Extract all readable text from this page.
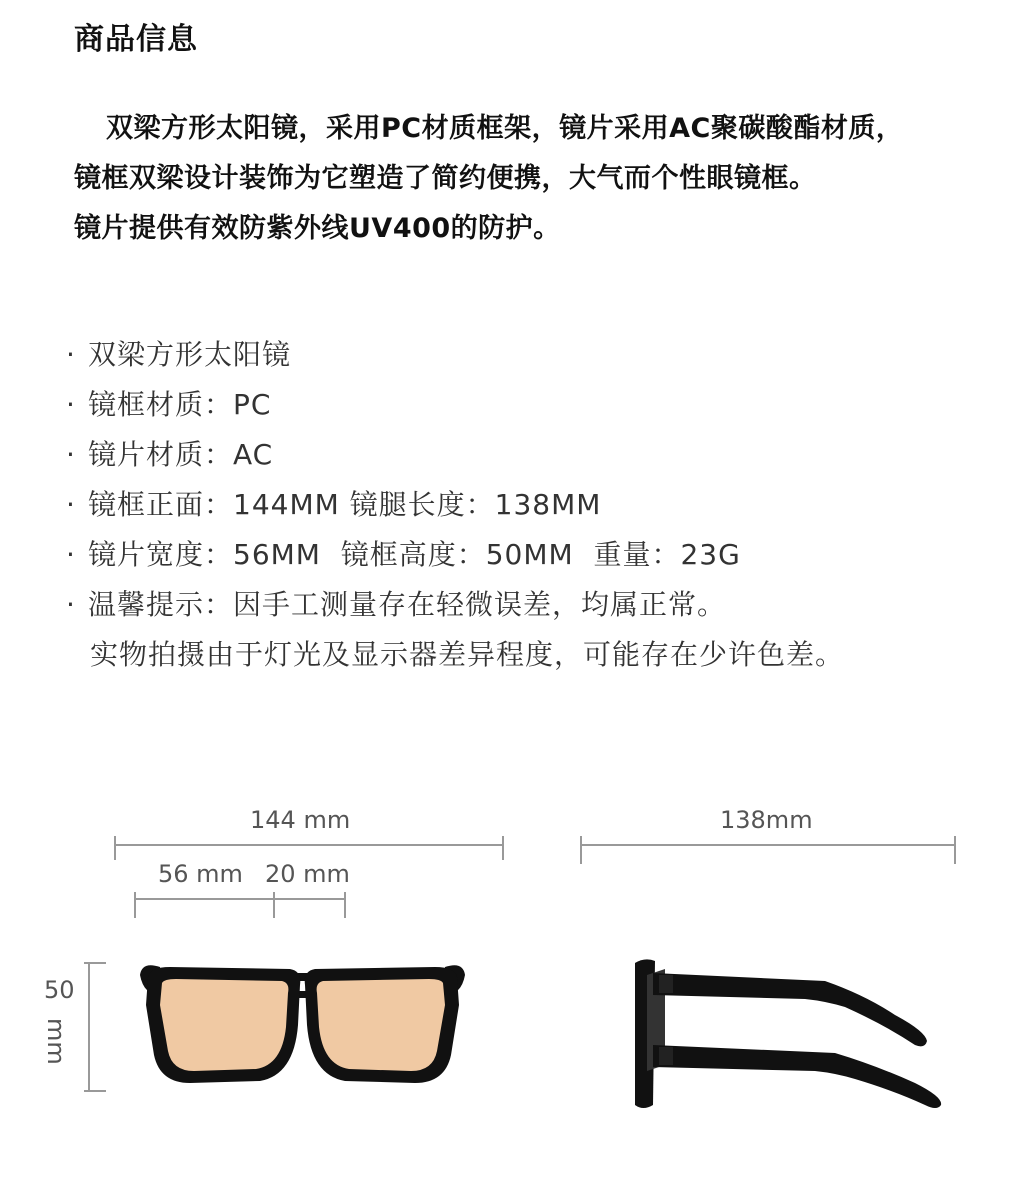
商品信息
双梁方形太阳镜，采用PC材质框架，镜片采用AC聚碳酸酯材质，
镜框双梁设计装饰为它塑造了简约便携，大气而个性眼镜框。
镜片提供有效防紫外线UV400的防护。
· 双梁方形太阳镜
· 镜框材质：PC
· 镜片材质：AC
· 镜框正面：144MM 镜腿长度：138MM
· 镜片宽度：56MM  镜框高度：50MM  重量：23G
· 温馨提示：因手工测量存在轻微误差，均属正常。
实物拍摄由于灯光及显示器差异程度，可能存在少许色差。
144 mm
56 mm 20 mm
50
mm
138mm
